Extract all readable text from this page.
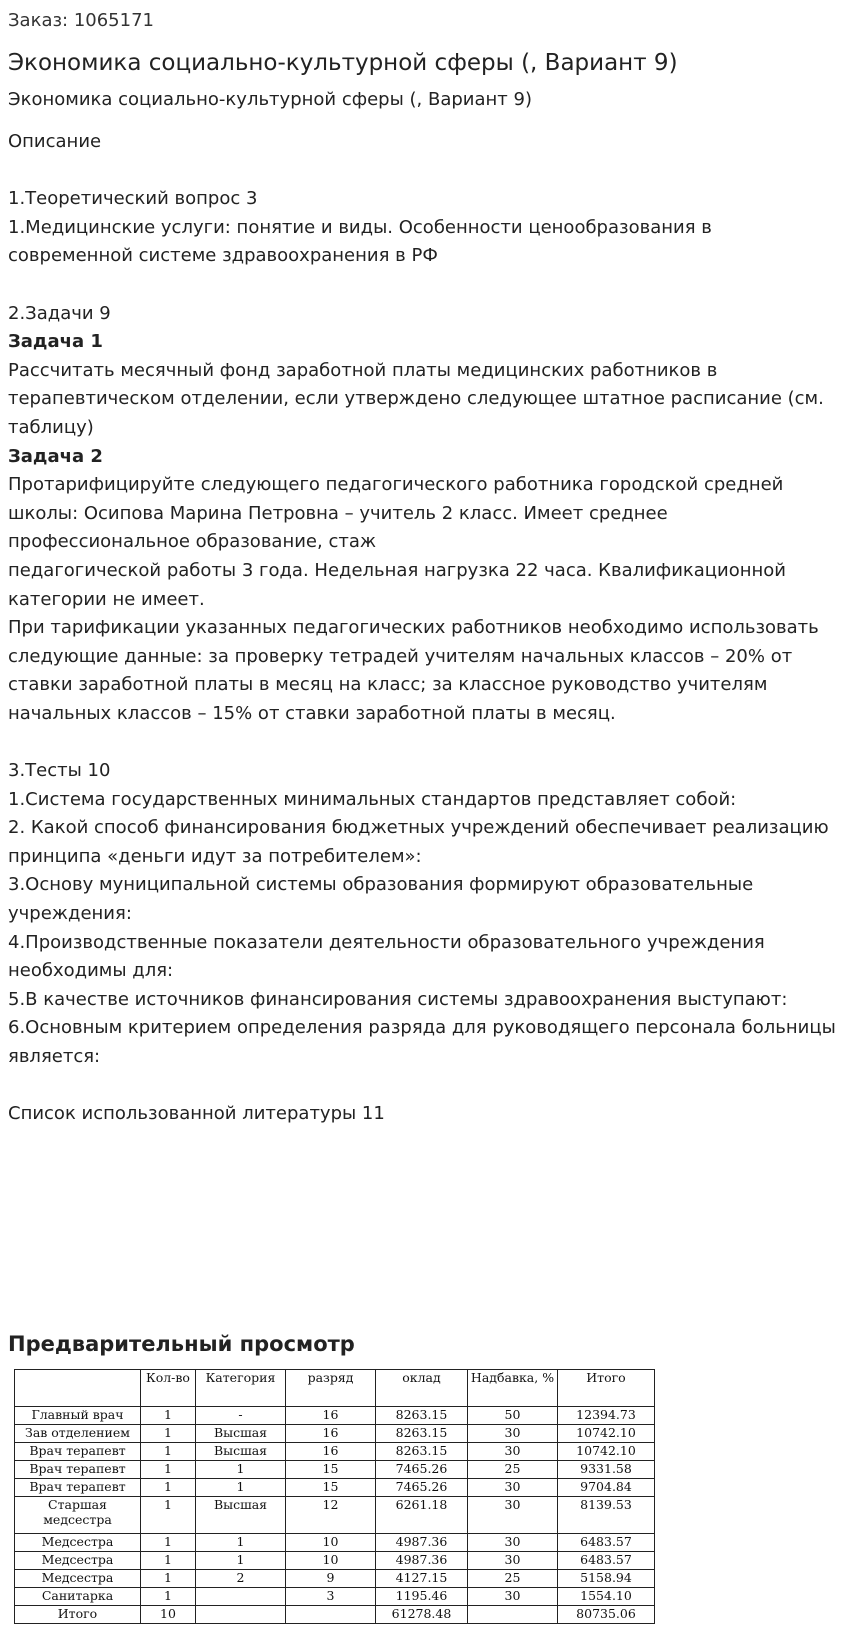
Заказ: 1065171
Экономика социально-культурной сферы (, Вариант 9)
Экономика социально-культурной сферы (, Вариант 9)

Описание

1.Теоретический вопрос 3

1.Медицинские услуги: понятие и виды. Особенности ценообразования в современной системе здравоохранения в РФ

2.Задачи 9

Задача 1

Рассчитать месячный фонд заработной платы медицинских работников в терапевтическом отделении, если утверждено следующее штатное расписание (см. таблицу)

Задача 2

Протарифицируйте следующего педагогического работника городской средней школы: Осипова Марина Петровна – учитель 2 класс. Имеет среднее профессиональное образование, стаж

педагогической работы 3 года. Недельная нагрузка 22 часа. Квалификационной категории не имеет.

При тарификации указанных педагогических работников необходимо использовать следующие данные: за проверку тетрадей учителям начальных классов – 20% от ставки заработной платы в месяц на класс; за классное руководство учителям начальных классов – 15% от ставки заработной платы в месяц.

3.Тесты 10

1.Система государственных минимальных стандартов представляет собой:

2. Какой способ финансирования бюджетных учреждений обеспечивает реализацию принципа «деньги идут за потребителем»:

3.Основу муниципальной системы образования формируют образовательные учреждения:

4.Производственные показатели деятельности образовательного учреждения необходимы для:

5.В качестве источников финансирования системы здравоохранения выступают:

6.Основным критерием определения разряда для руководящего персонала больницы является:

Список использованной литературы 11

Предварительный просмотр
	Кол-во	Категория	разряд	оклад	Надбавка, %	Итого
Главный врач	1	-	16	8263.15	50	12394.73
Зав отделением	1	Высшая	16	8263.15	30	10742.10
Врач терапевт	1	Высшая	16	8263.15	30	10742.10
Врач терапевт	1	1	15	7465.26	25	9331.58
Врач терапевт	1	1	15	7465.26	30	9704.84
Старшая медсестра	1	Высшая	12	6261.18	30	8139.53
Медсестра	1	1	10	4987.36	30	6483.57
Медсестра	1	1	10	4987.36	30	6483.57
Медсестра	1	2	9	4127.15	25	5158.94
Санитарка	1		3	1195.46	30	1554.10
Итого	10			61278.48		80735.06
